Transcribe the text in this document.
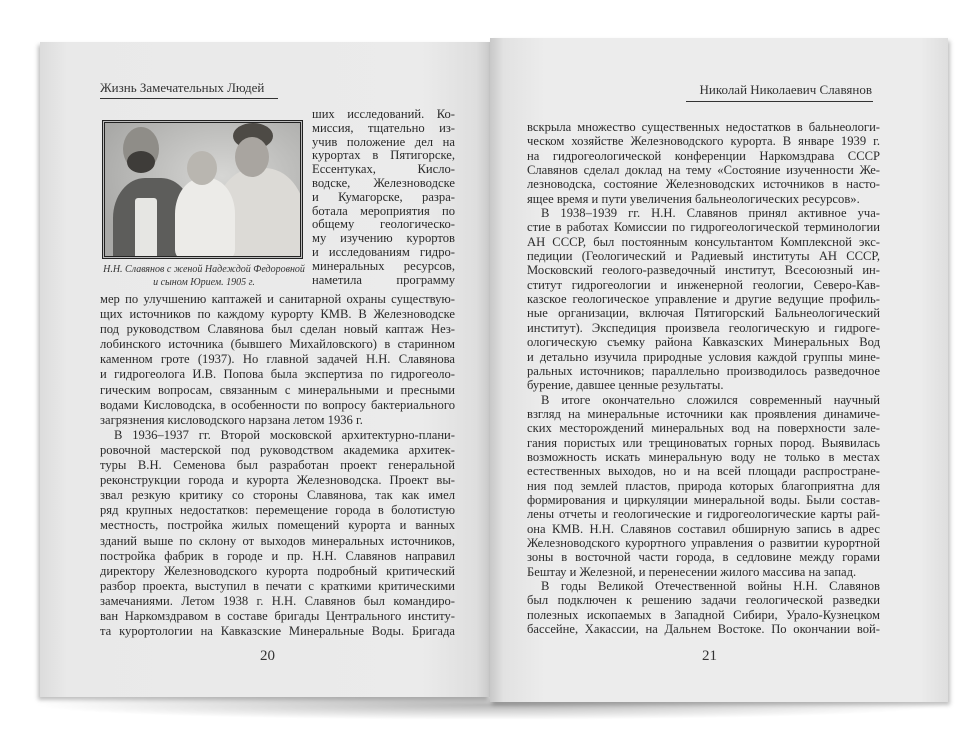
Жизнь Замечательных Людей
Н.Н. Славянов с женой Надеждой Федоровной
и сыном Юрием. 1905 г.
ших исследований. Ко-
миссия, тщательно из-
учив положение дел на
курортах в Пятигорске,
Ессентуках, Кисло-
водске, Железноводске
и Кумагорске, разра-
ботала мероприятия по
общему геологическо-
му изучению курортов
и исследованиям гидро-
минеральных ресурсов,
наметила программу
мер по улучшению каптажей и санитарной охраны существую-
щих источников по каждому курорту КМВ. В Железноводске
под руководством Славянова был сделан новый каптаж Нез-
лобинского источника (бывшего Михайловского) в старинном
каменном гроте (1937). Но главной задачей Н.Н. Славянова
и гидрогеолога И.В. Попова была экспертиза по гидрогеоло-
гическим вопросам, связанным с минеральными и пресными
водами Кисловодска, в особенности по вопросу бактериального
загрязнения кисловодского нарзана летом 1936 г.
В 1936–1937 гг. Второй московской архитектурно-плани-
ровочной мастерской под руководством академика архитек-
туры В.Н. Семенова был разработан проект генеральной
реконструкции города и курорта Железноводска. Проект вы-
звал резкую критику со стороны Славянова, так как имел
ряд крупных недостатков: перемещение города в болотистую
местность, постройка жилых помещений курорта и ванных
зданий выше по склону от выходов минеральных источников,
постройка фабрик в городе и пр. Н.Н. Славянов направил
директору Железноводского курорта подробный критический
разбор проекта, выступил в печати с краткими критическими
замечаниями. Летом 1938 г. Н.Н. Славянов был командиро-
ван Наркомздравом в составе бригады Центрального институ-
та курортологии на Кавказские Минеральные Воды. Бригада
20
Николай Николаевич Славянов
вскрыла множество существенных недостатков в бальнеологи-
ческом хозяйстве Железноводского курорта. В январе 1939 г.
на гидрогеологической конференции Наркомздрава СССР
Славянов сделал доклад на тему «Состояние изученности Же-
лезноводска, состояние Железноводских источников в насто-
ящее время и пути увеличения бальнеологических ресурсов».
В 1938–1939 гг. Н.Н. Славянов принял активное уча-
стие в работах Комиссии по гидрогеологической терминологии
АН СССР, был постоянным консультантом Комплексной экс-
педиции (Геологический и Радиевый институты АН СССР,
Московский геолого-разведочный институт, Всесоюзный ин-
ститут гидрогеологии и инженерной геологии, Северо-Кав-
казское геологическое управление и другие ведущие профиль-
ные организации, включая Пятигорский Бальнеологический
институт). Экспедиция произвела геологическую и гидроге-
ологическую съемку района Кавказских Минеральных Вод
и детально изучила природные условия каждой группы мине-
ральных источников; параллельно производилось разведочное
бурение, давшее ценные результаты.
В итоге окончательно сложился современный научный
взгляд на минеральные источники как проявления динамиче-
ских месторождений минеральных вод на поверхности зале-
гания пористых или трещиноватых горных пород. Выявилась
возможность искать минеральную воду не только в местах
естественных выходов, но и на всей площади распростране-
ния под землей пластов, природа которых благоприятна для
формирования и циркуляции минеральной воды. Были состав-
лены отчеты и геологические и гидрогеологические карты рай-
она КМВ. Н.Н. Славянов составил обширную запись в адрес
Железноводского курортного управления о развитии курортной
зоны в восточной части города, в седловине между горами
Бештау и Железной, и перенесении жилого массива на запад.
В годы Великой Отечественной войны Н.Н. Славянов
был подключен к решению задачи геологической разведки
полезных ископаемых в Западной Сибири, Урало-Кузнецком
бассейне, Хакассии, на Дальнем Востоке. По окончании вой-
21
